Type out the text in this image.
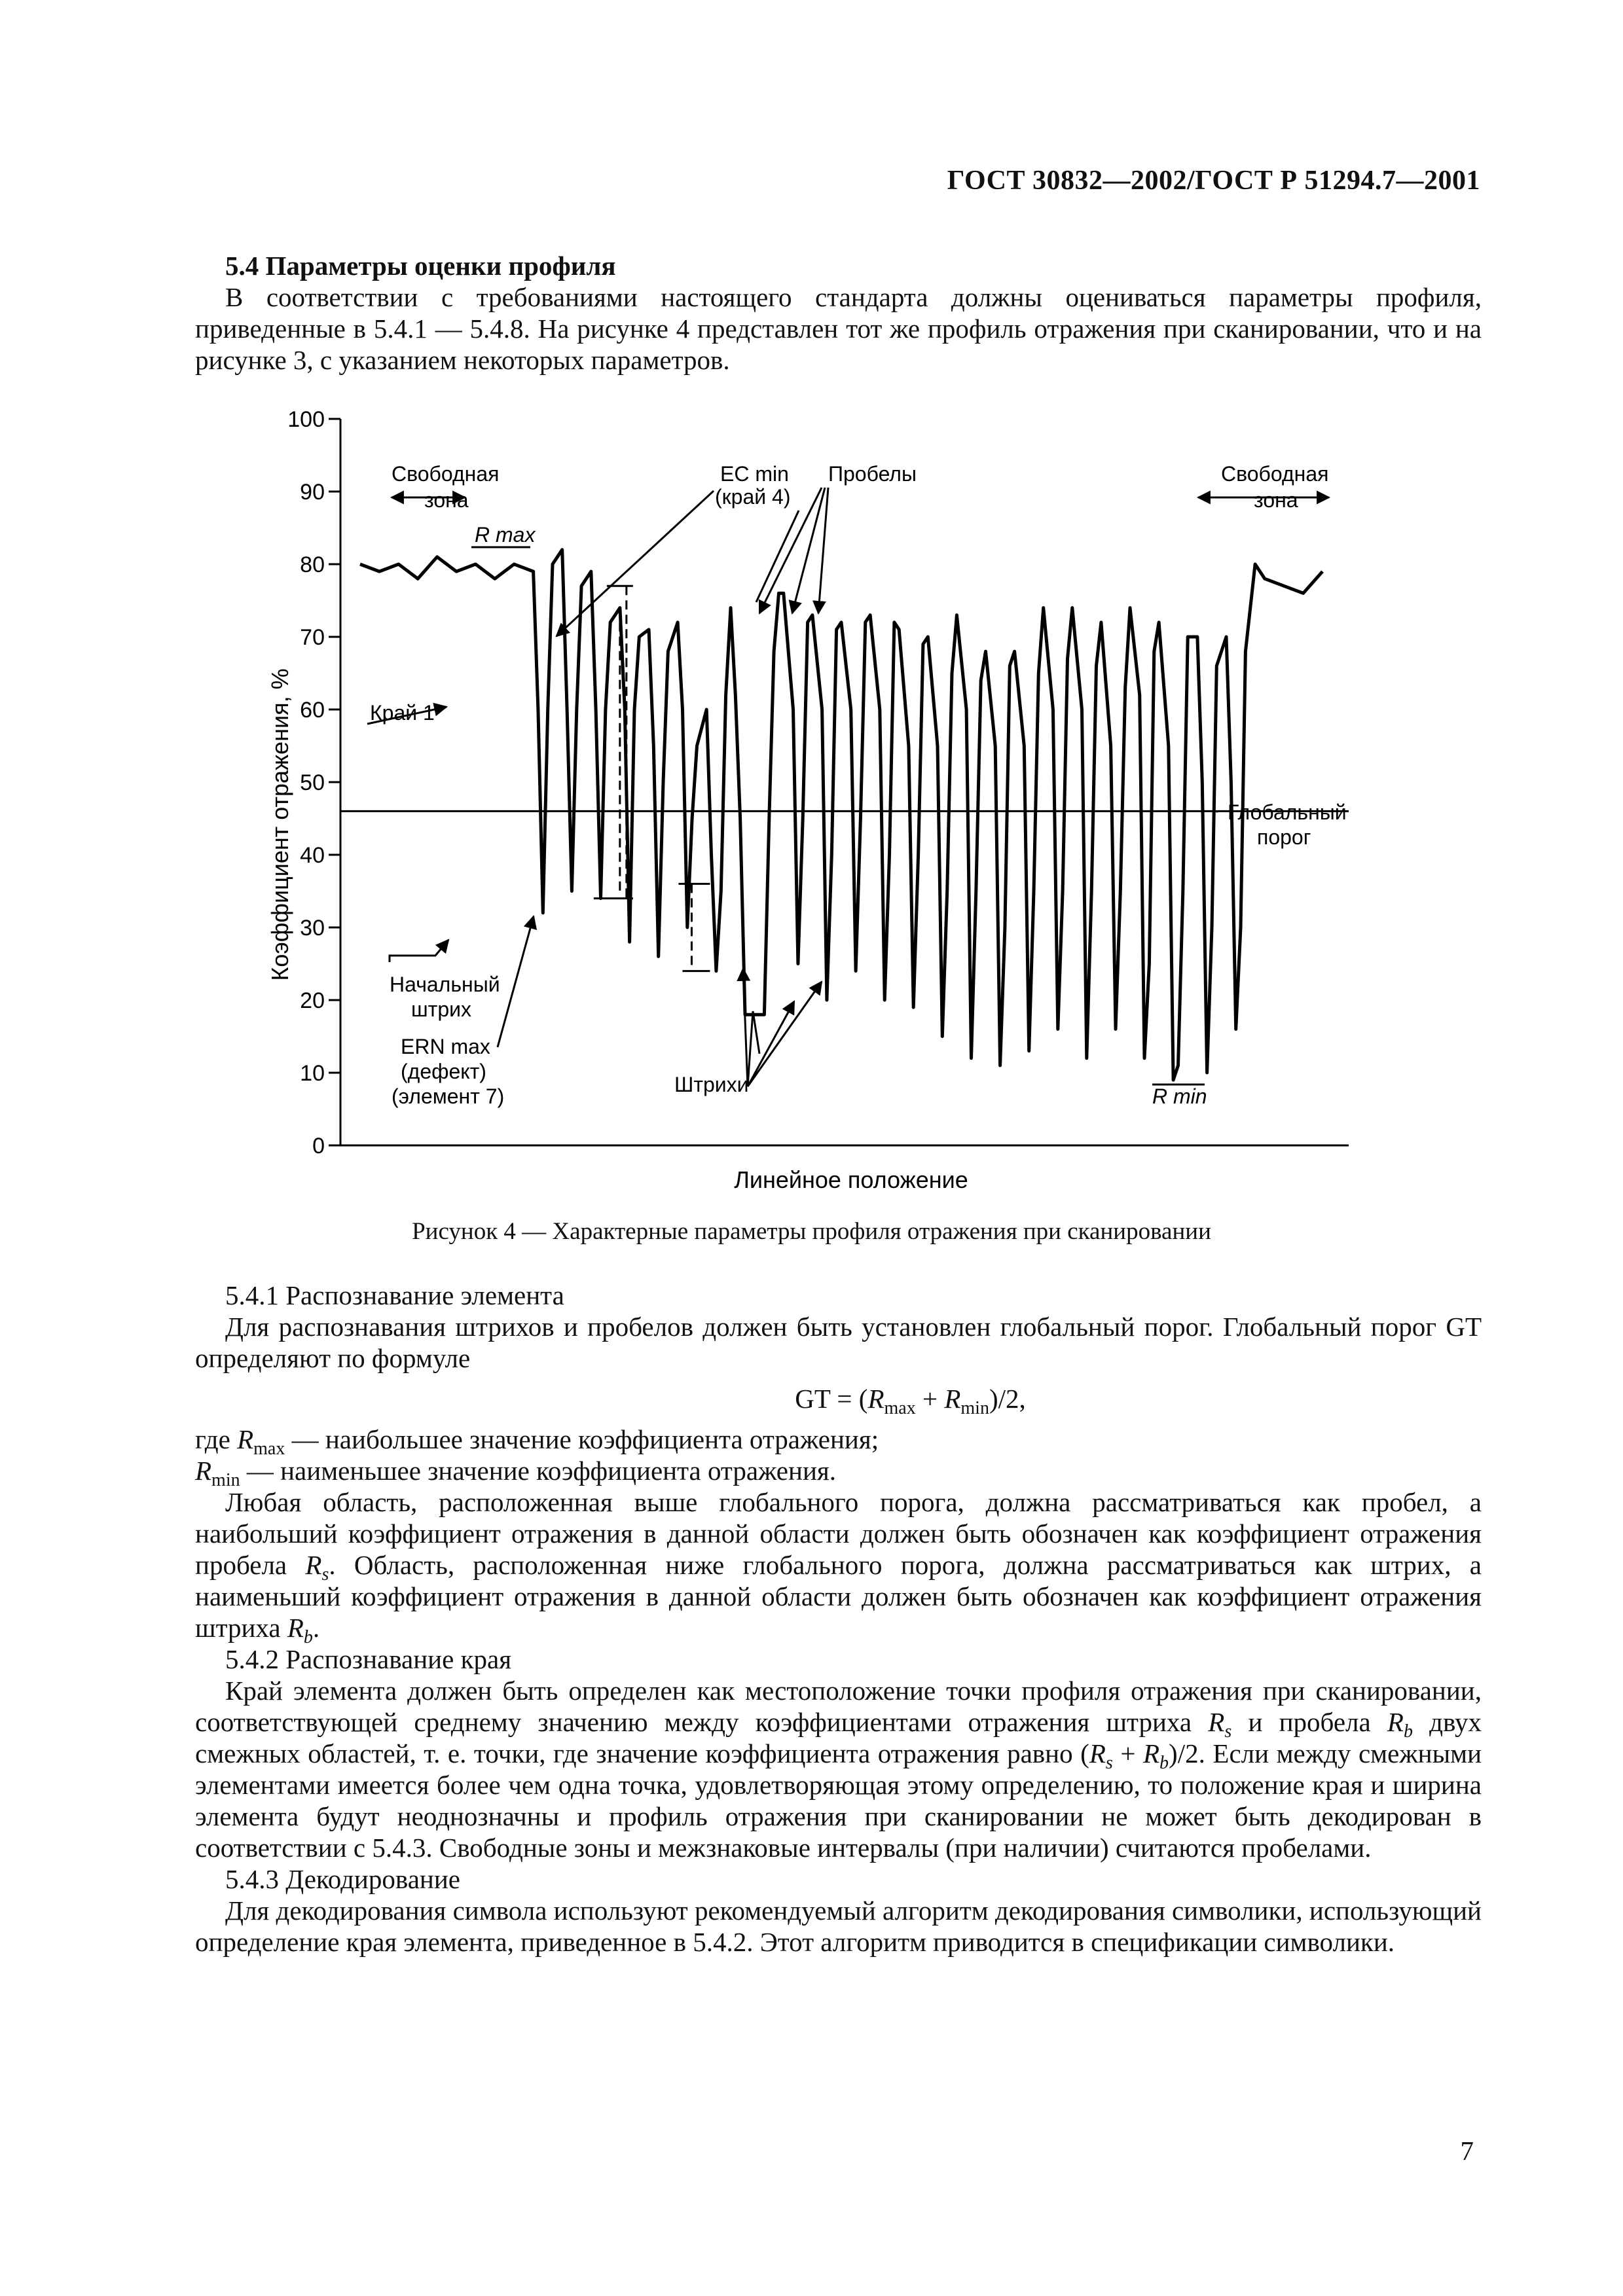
ГОСТ 30832—2002/ГОСТ Р 51294.7—2001

5.4 Параметры оценки профиля

В соответствии с требованиями настоящего стандарта должны оцениваться параметры профиля, приведенные в 5.4.1 — 5.4.8. На рисунке 4 представлен тот же профиль отражения при сканировании, что и на рисунке 3, с указанием некоторых параметров.

0
10
20
30
40
50
60
70
80
90
100
Коэффициент отражения, %
Линейное положение
Свободная
зона
R max
EC min
(край 4)
Пробелы	Свободная
зона
Край 1
Глобальный
порог
Начальный
штрих
ERN max
(дефект)
(элемент 7)	Штрихи	R min
Рисунок 4 — Характерные параметры профиля отражения при сканировании

5.4.1 Распознавание элемента

Для распознавания штрихов и пробелов должен быть установлен глобальный порог. Глобальный порог GT определяют по формуле

GT = $(R_{max} + R_{min})/2$,

где $R_{max}$ — наибольшее значение коэффициента отражения;

$R_{min}$ — наименьшее значение коэффициента отражения.

Любая область, расположенная выше глобального порога, должна рассматриваться как пробел, а наибольший коэффициент отражения в данной области должен быть обозначен как коэффициент отражения пробела $R_s$. Область, расположенная ниже глобального порога, должна рассматриваться как штрих, а наименьший коэффициент отражения в данной области должен быть обозначен как коэффициент отражения штриха $R_b$.

5.4.2 Распознавание края

Край элемента должен быть определен как местоположение точки профиля отражения при сканировании, соответствующей среднему значению между коэффициентами отражения штриха $R_s$ и пробела $R_b$ двух смежных областей, т. е. точки, где значение коэффициента отражения равно $(R_s + R_b)/2$. Если между смежными элементами имеется более чем одна точка, удовлетворяющая этому определению, то положение края и ширина элемента будут неоднозначны и профиль отражения при сканировании не может быть декодирован в соответствии с 5.4.3. Свободные зоны и межзнаковые интервалы (при наличии) считаются пробелами.

5.4.3 Декодирование

Для декодирования символа используют рекомендуемый алгоритм декодирования символики, использующий определение края элемента, приведенное в 5.4.2. Этот алгоритм приводится в спецификации символики.

7
